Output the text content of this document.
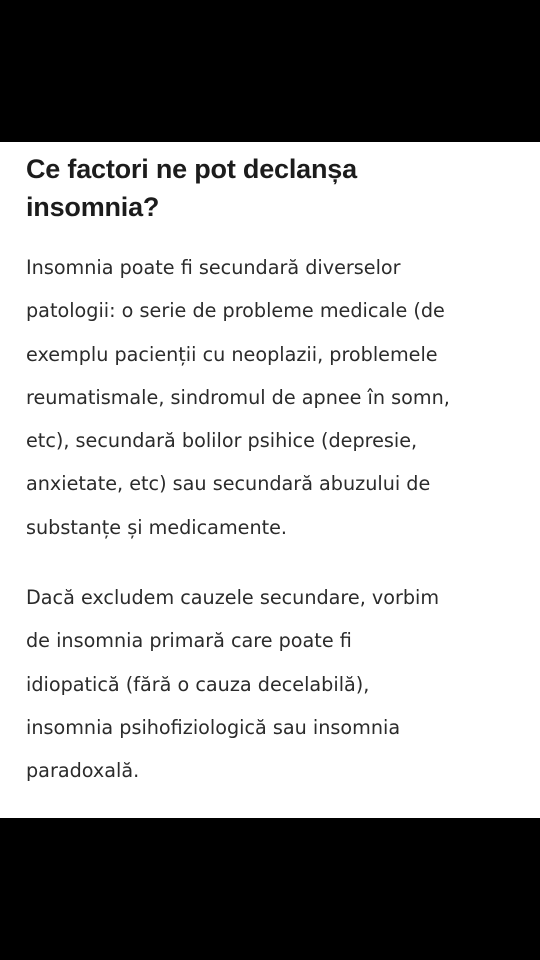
Ce factori ne pot declanșa
insomnia?

Insomnia poate fi secundară diverselor
patologii: o serie de probleme medicale (de
exemplu pacienții cu neoplazii, problemele
reumatismale, sindromul de apnee în somn,
etc), secundară bolilor psihice (depresie,
anxietate, etc) sau secundară abuzului de
substanțe și medicamente.

Dacă excludem cauzele secundare, vorbim
de insomnia primară care poate fi
idiopatică (fără o cauza decelabilă),
insomnia psihofiziologică sau insomnia
paradoxală.
